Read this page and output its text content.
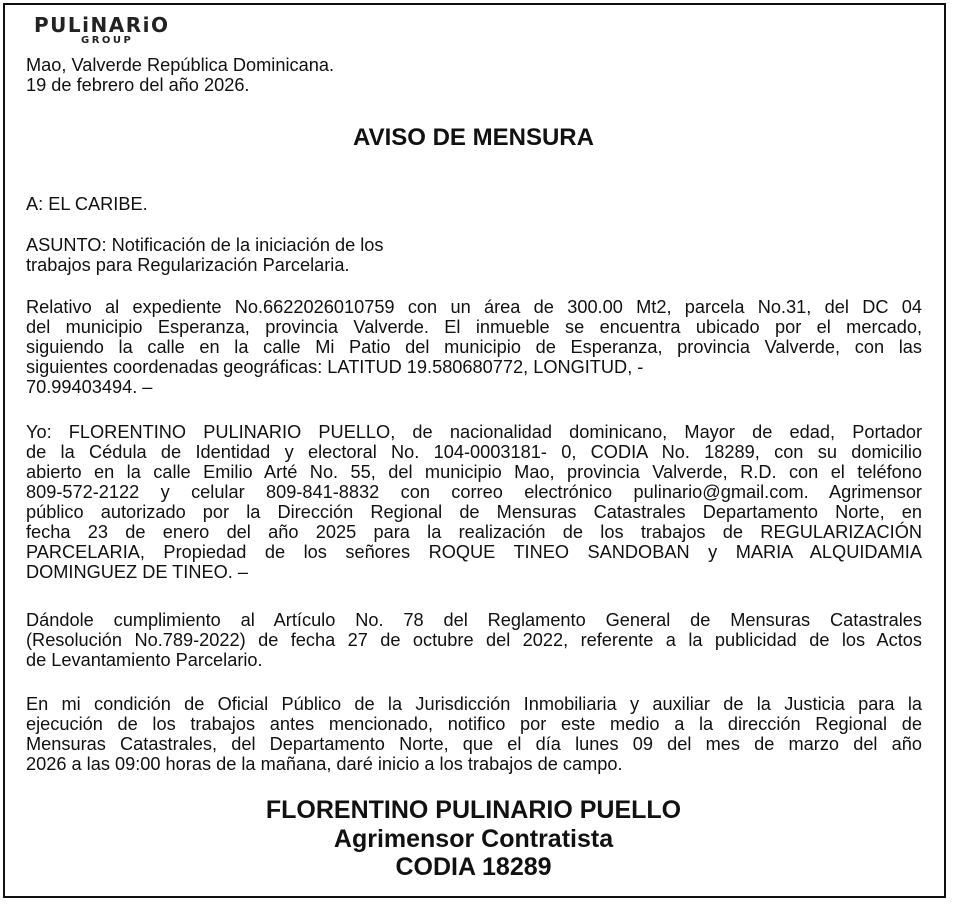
PULiNARiO
GROUP
Mao, Valverde República Dominicana.
19 de febrero del año 2026.
AVISO DE MENSURA
A: EL CARIBE.
ASUNTO: Notificación de la iniciación de los
trabajos para Regularización Parcelaria.
Relativo al expediente No.6622026010759 con un área de 300.00 Mt2, parcela No.31, del DC 04
del municipio Esperanza, provincia Valverde. El inmueble se encuentra ubicado por el mercado,
siguiendo la calle en la calle Mi Patio del municipio de Esperanza, provincia Valverde, con las
siguientes coordenadas geográficas: LATITUD 19.580680772, LONGITUD, -
70.99403494. –
Yo: FLORENTINO PULINARIO PUELLO, de nacionalidad dominicano, Mayor de edad, Portador
de la Cédula de Identidad y electoral No. 104-0003181- 0, CODIA No. 18289, con su domicilio
abierto en la calle Emilio Arté No. 55, del municipio Mao, provincia Valverde, R.D. con el teléfono
809-572-2122 y celular 809-841-8832 con correo electrónico pulinario@gmail.com. Agrimensor
público autorizado por la Dirección Regional de Mensuras Catastrales Departamento Norte, en
fecha 23 de enero del año 2025 para la realización de los trabajos de REGULARIZACIÓN
PARCELARIA, Propiedad de los señores ROQUE TINEO SANDOBAN y MARIA ALQUIDAMIA
DOMINGUEZ DE TINEO. –
Dándole cumplimiento al Artículo No. 78 del Reglamento General de Mensuras Catastrales
(Resolución No.789-2022) de fecha 27 de octubre del 2022, referente a la publicidad de los Actos
de Levantamiento Parcelario.
En mi condición de Oficial Público de la Jurisdicción Inmobiliaria y auxiliar de la Justicia para la
ejecución de los trabajos antes mencionado, notifico por este medio a la dirección Regional de
Mensuras Catastrales, del Departamento Norte, que el día lunes 09 del mes de marzo del año
2026 a las 09:00 horas de la mañana, daré inicio a los trabajos de campo.
FLORENTINO PULINARIO PUELLO
Agrimensor Contratista
CODIA 18289
